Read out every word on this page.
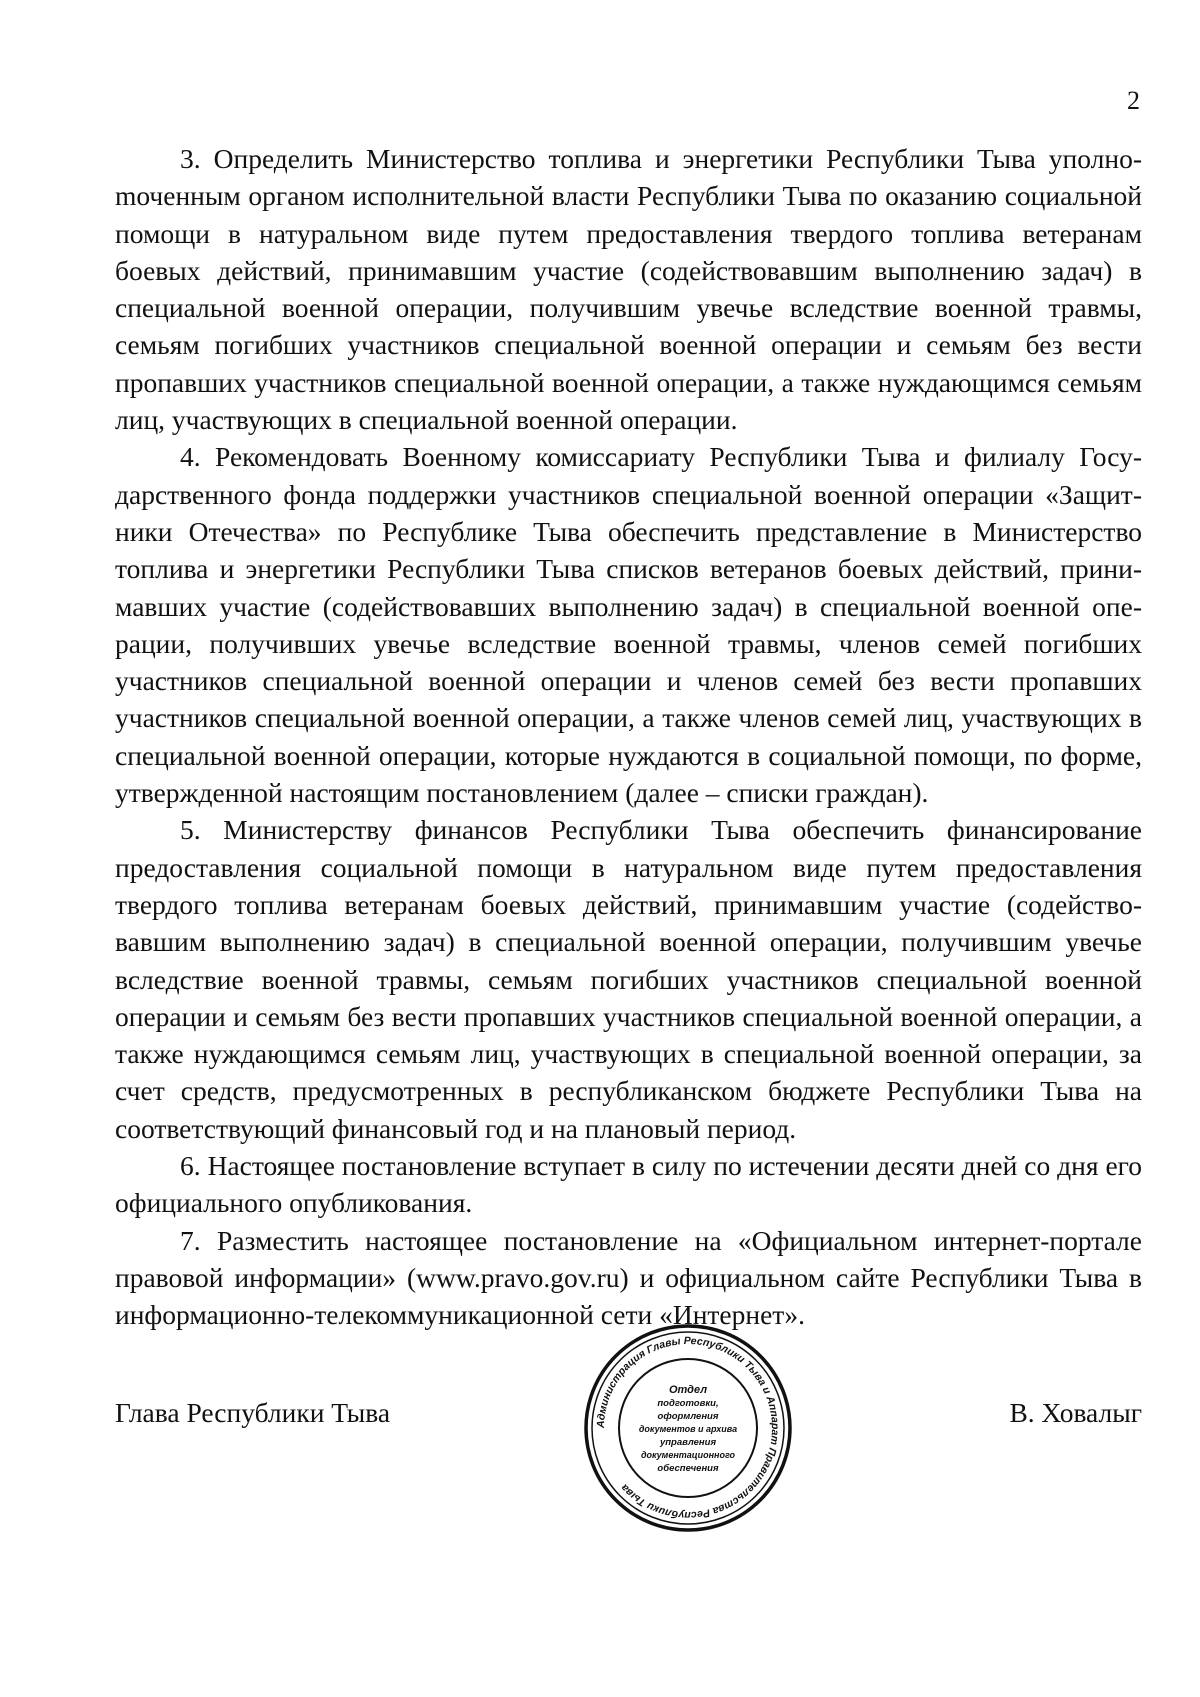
2

3. Определить Министерство топлива и энергетики Республики Тыва уполноmоченным органом исполнительной власти Республики Тыва по оказанию социальной помощи в натуральном виде путем предоставления твердого топлива ветеранам боевых действий, принимавшим участие (содействовавшим выполнению задач) в специальной военной операции, получившим увечье вследствие военной травмы, семьям погибших участников специальной военной операции и семьям без вести пропавших участников специальной военной операции, а также нуждающимся семьям лиц, участвующих в специальной военной операции.

4. Рекомендовать Военному комиссариату Республики Тыва и филиалу Государственного фонда поддержки участников специальной военной операции «Защитники Отечества» по Республике Тыва обеспечить представление в Министерство топлива и энергетики Республики Тыва списков ветеранов боевых действий, принимавших участие (содействовавших выполнению задач) в специальной военной операции, получивших увечье вследствие военной травмы, членов семей погибших участников специальной военной операции и членов семей без вести пропавших участников специальной военной операции, а также членов семей лиц, участвующих в специальной военной операции, которые нуждаются в социальной помощи, по форме, утвержденной настоящим постановлением (далее – списки граждан).

5. Министерству финансов Республики Тыва обеспечить финансирование предоставления социальной помощи в натуральном виде путем предоставления твердого топлива ветеранам боевых действий, принимавшим участие (содействовавшим выполнению задач) в специальной военной операции, получившим увечье вследствие военной травмы, семьям погибших участников специальной военной операции и семьям без вести пропавших участников специальной военной операции, а также нуждающимся семьям лиц, участвующих в специальной военной операции, за счет средств, предусмотренных в республиканском бюджете Республики Тыва на соответствующий финансовый год и на плановый период.

6. Настоящее постановление вступает в силу по истечении десяти дней со дня его официального опубликования.

7. Разместить настоящее постановление на «Официальном интернет-портале правовой информации» (www.pravo.gov.ru) и официальном сайте Республики Тыва в информационно-телекоммуникационной сети «Интернет».

Глава Республики Тыва	В. Ховалыг
Администрация Главы Республики Тыва и Аппарат Правительства Республики Тыва
Отдел
подготовки,
оформления
документов и архива
управления
документационного
обеспечения
